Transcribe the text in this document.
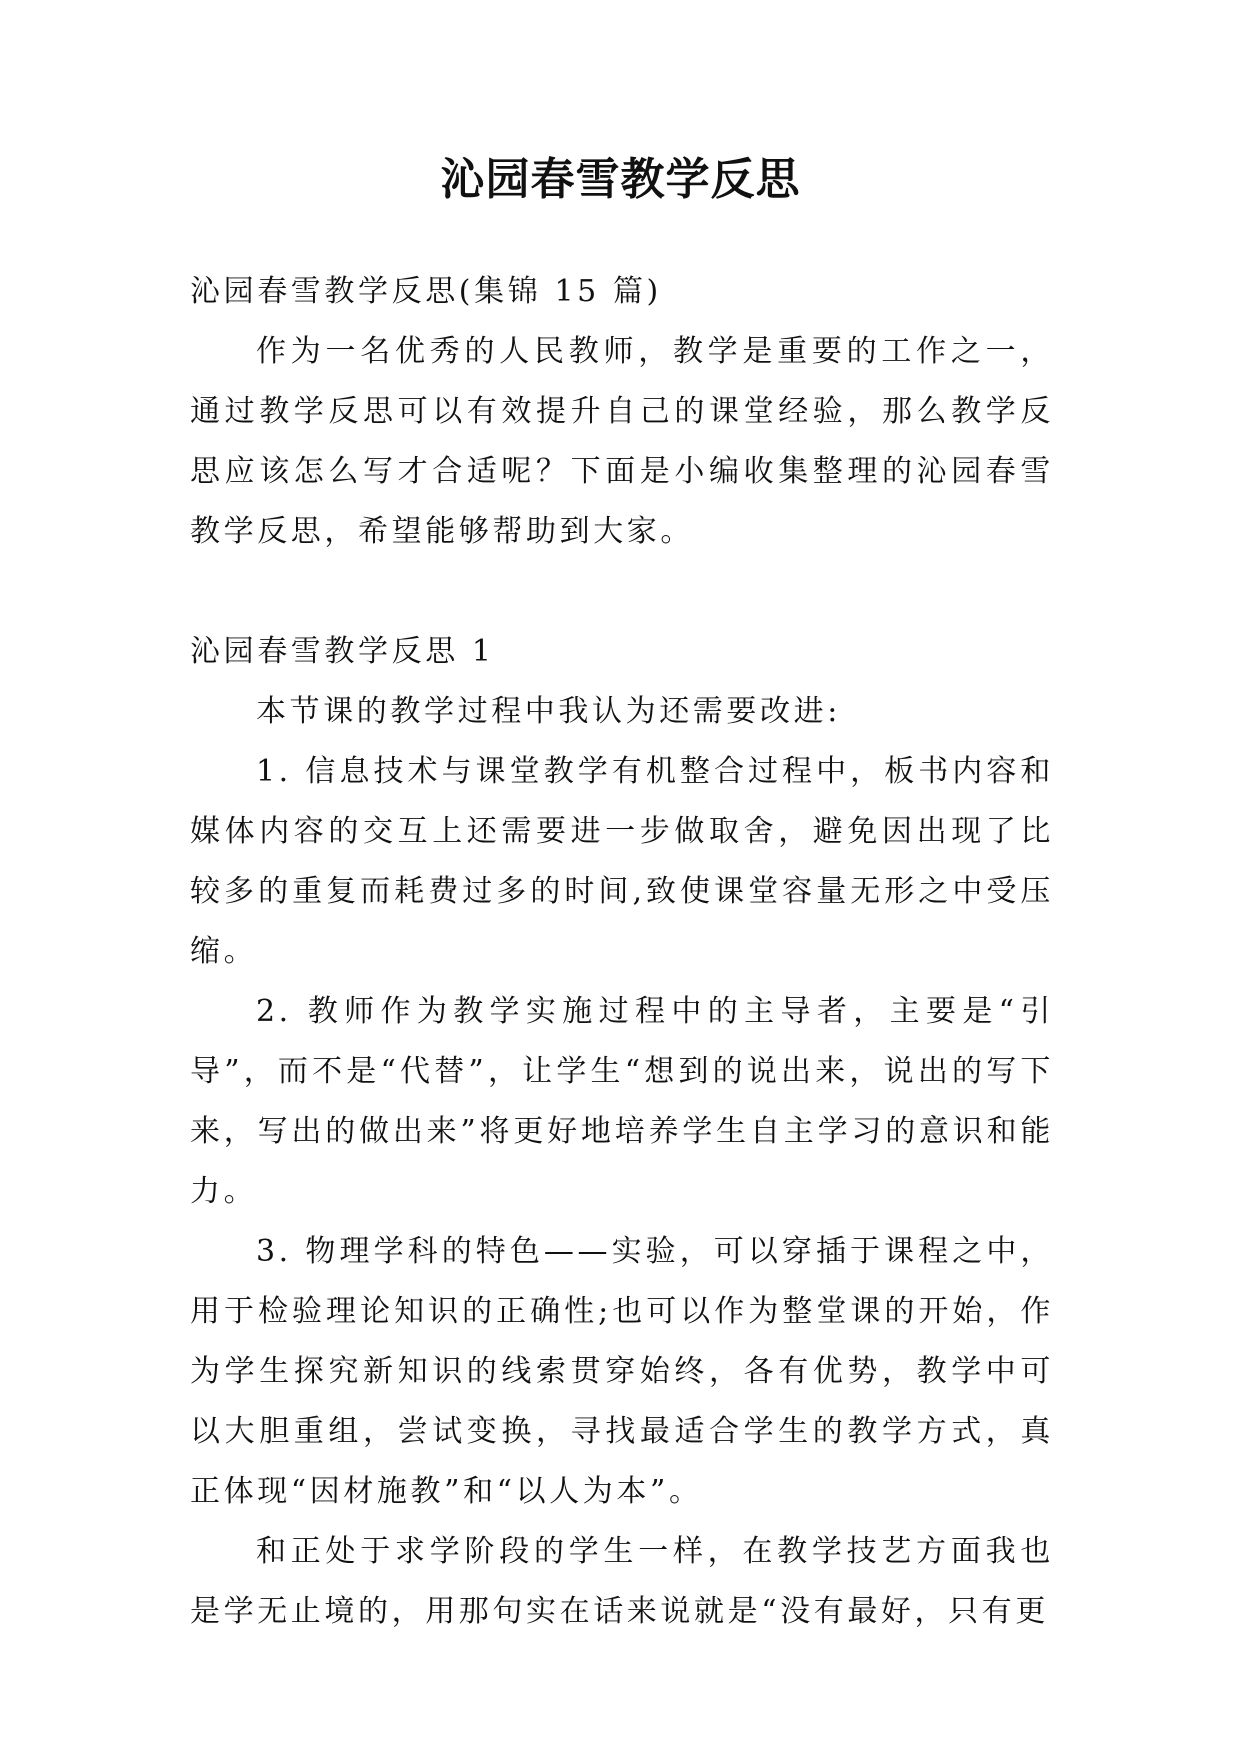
沁园春雪教学反思

沁园春雪教学反思(集锦 15 篇)

作为一名优秀的人民教师，教学是重要的工作之一，通过教学反思可以有效提升自己的课堂经验，那么教学反思应该怎么写才合适呢？下面是小编收集整理的沁园春雪教学反思，希望能够帮助到大家。

沁园春雪教学反思 1

本节课的教学过程中我认为还需要改进:

1. 信息技术与课堂教学有机整合过程中，板书内容和媒体内容的交互上还需要进一步做取舍，避免因出现了比较多的重复而耗费过多的时间,致使课堂容量无形之中受压缩。

2. 教师作为教学实施过程中的主导者，主要是“引导”，而不是“代替”，让学生“想到的说出来，说出的写下来，写出的做出来”将更好地培养学生自主学习的意识和能力。

3. 物理学科的特色——实验，可以穿插于课程之中，用于检验理论知识的正确性;也可以作为整堂课的开始，作为学生探究新知识的线索贯穿始终，各有优势，教学中可以大胆重组，尝试变换，寻找最适合学生的教学方式，真正体现“因材施教”和“以人为本”。

和正处于求学阶段的学生一样，在教学技艺方面我也是学无止境的，用那句实在话来说就是“没有最好，只有更
